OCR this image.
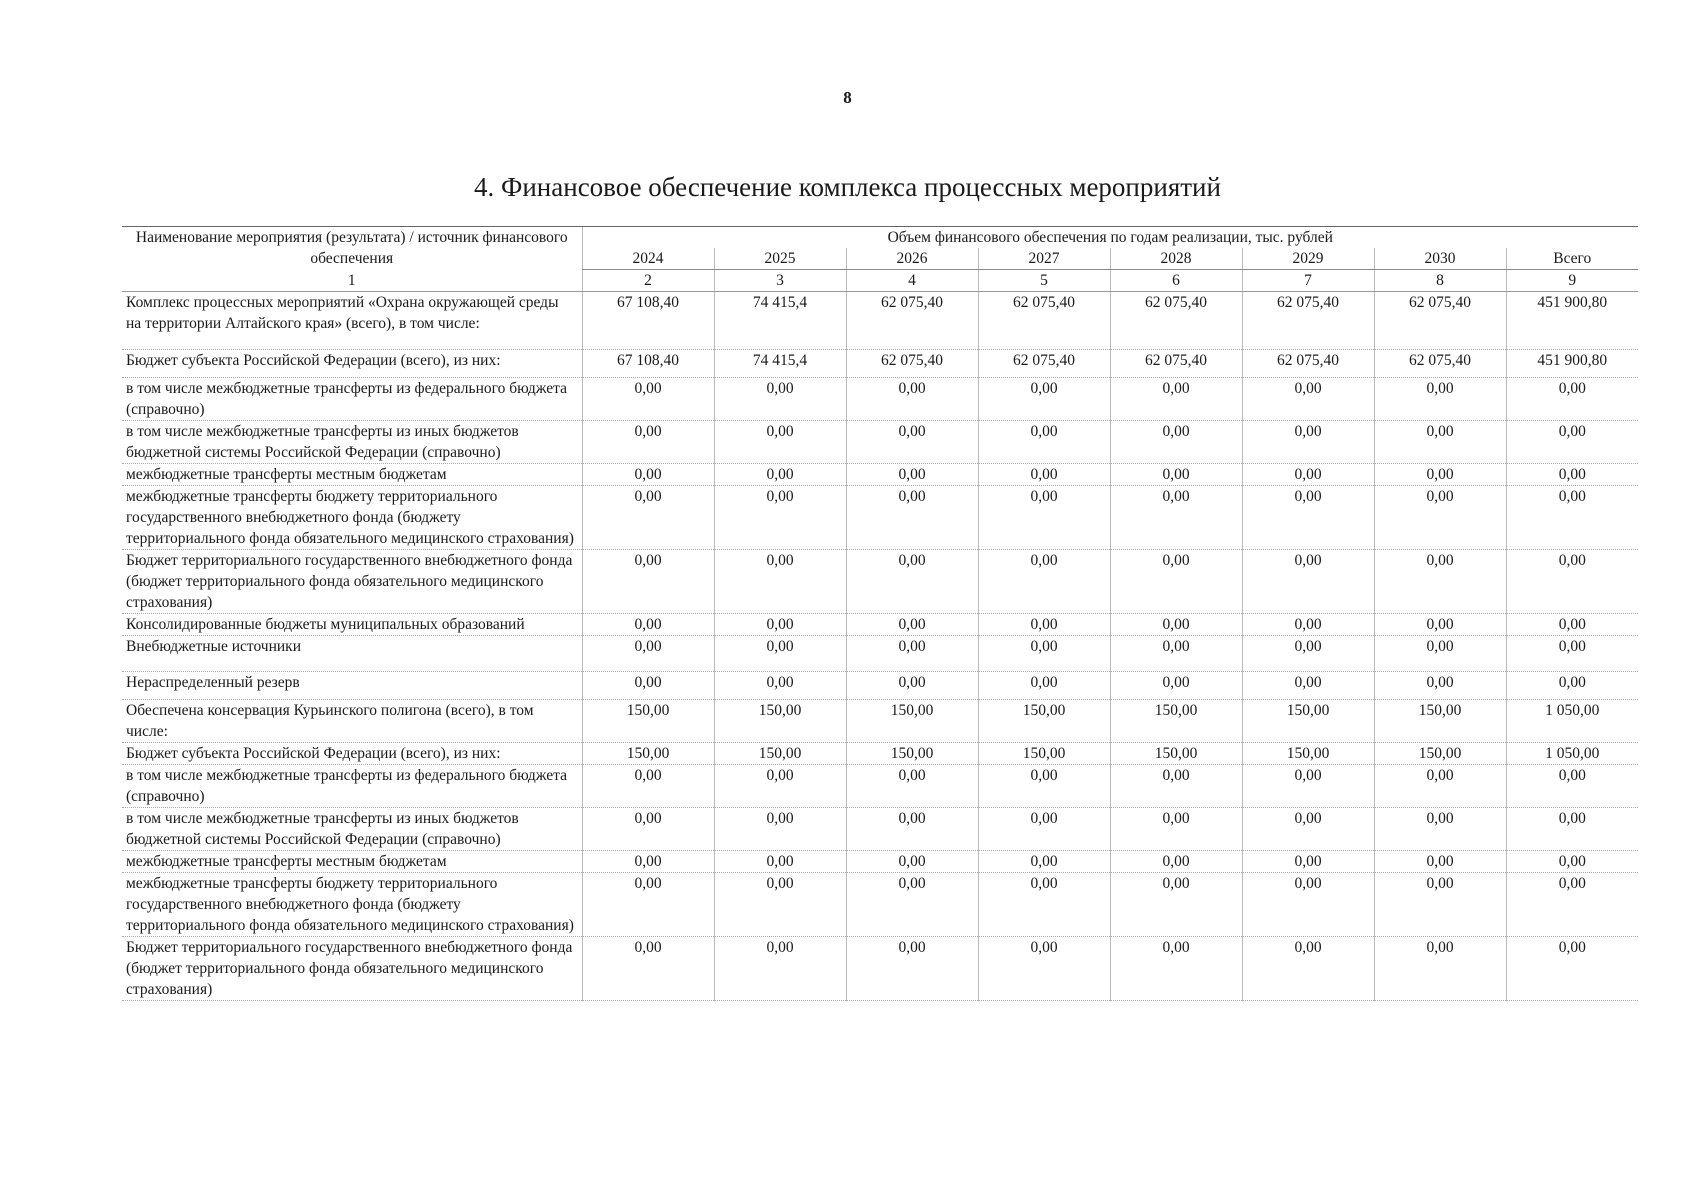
8
4. Финансовое обеспечение комплекса процессных мероприятий
Наименование мероприятия (результата) / источник финансового обеспечения	Объем финансового обеспечения по годам реализации, тыс. рублей							
	2024	2025	2026	2027	2028	2029	2030	Всего
1	2	3	4	5	6	7	8	9
Комплекс процессных мероприятий «Охрана окружающей среды на территории Алтайского края» (всего), в том числе:	67 108,40	74 415,4	62 075,40	62 075,40	62 075,40	62 075,40	62 075,40	451 900,80
Бюджет субъекта Российской Федерации (всего), из них:	67 108,40	74 415,4	62 075,40	62 075,40	62 075,40	62 075,40	62 075,40	451 900,80
в том числе межбюджетные трансферты из федерального бюджета (справочно)	0,00	0,00	0,00	0,00	0,00	0,00	0,00	0,00
в том числе межбюджетные трансферты из иных бюджетов бюджетной системы Российской Федерации (справочно)	0,00	0,00	0,00	0,00	0,00	0,00	0,00	0,00
межбюджетные трансферты местным бюджетам	0,00	0,00	0,00	0,00	0,00	0,00	0,00	0,00
межбюджетные трансферты бюджету территориального государственного внебюджетного фонда (бюджету территориального фонда обязательного медицинского страхования)	0,00	0,00	0,00	0,00	0,00	0,00	0,00	0,00
Бюджет территориального государственного внебюджетного фонда (бюджет территориального фонда обязательного медицинского страхования)	0,00	0,00	0,00	0,00	0,00	0,00	0,00	0,00
Консолидированные бюджеты муниципальных образований	0,00	0,00	0,00	0,00	0,00	0,00	0,00	0,00
Внебюджетные источники	0,00	0,00	0,00	0,00	0,00	0,00	0,00	0,00
Нераспределенный резерв	0,00	0,00	0,00	0,00	0,00	0,00	0,00	0,00
Обеспечена консервация Курьинского полигона (всего), в том числе:	150,00	150,00	150,00	150,00	150,00	150,00	150,00	1 050,00
Бюджет субъекта Российской Федерации (всего), из них:	150,00	150,00	150,00	150,00	150,00	150,00	150,00	1 050,00
в том числе межбюджетные трансферты из федерального бюджета (справочно)	0,00	0,00	0,00	0,00	0,00	0,00	0,00	0,00
в том числе межбюджетные трансферты из иных бюджетов бюджетной системы Российской Федерации (справочно)	0,00	0,00	0,00	0,00	0,00	0,00	0,00	0,00
межбюджетные трансферты местным бюджетам	0,00	0,00	0,00	0,00	0,00	0,00	0,00	0,00
межбюджетные трансферты бюджету территориального государственного внебюджетного фонда (бюджету территориального фонда обязательного медицинского страхования)	0,00	0,00	0,00	0,00	0,00	0,00	0,00	0,00
Бюджет территориального государственного внебюджетного фонда (бюджет территориального фонда обязательного медицинского страхования)	0,00	0,00	0,00	0,00	0,00	0,00	0,00	0,00
